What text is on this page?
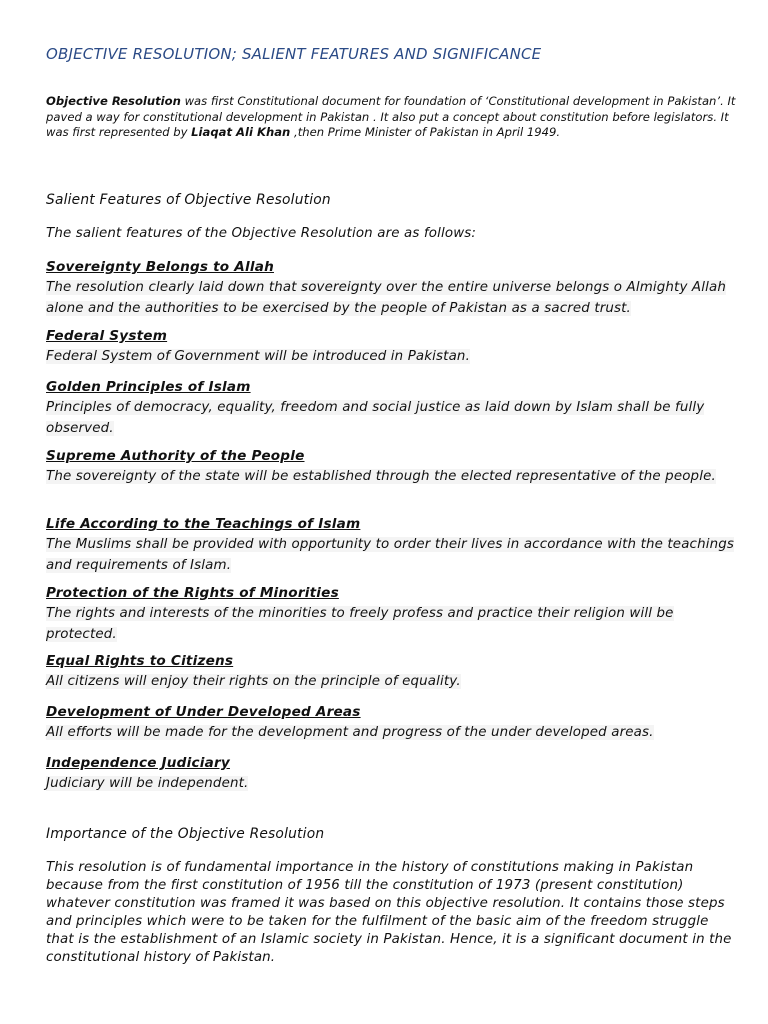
OBJECTIVE RESOLUTION; SALIENT FEATURES AND SIGNIFICANCE

Objective Resolution was first Constitutional document for foundation of ‘Constitutional development in Pakistan’. It paved a way for constitutional development in Pakistan . It also put a concept about constitution before legislators. It was first represented by Liaqat Ali Khan ,then Prime Minister of Pakistan in April 1949.

Salient Features of Objective Resolution

The salient features of the Objective Resolution are as follows:

Sovereignty Belongs to Allah

The resolution clearly laid down that sovereignty over the entire universe belongs o Almighty Allah alone and the authorities to be exercised by the people of Pakistan as a sacred trust.

Federal System

Federal System of Government will be introduced in Pakistan.

Golden Principles of Islam

Principles of democracy, equality, freedom and social justice as laid down by Islam shall be fully observed.

Supreme Authority of the People

The sovereignty of the state will be established through the elected representative of the people.

Life According to the Teachings of Islam

The Muslims shall be provided with opportunity to order their lives in accordance with the teachings and requirements of Islam.

Protection of the Rights of Minorities

The rights and interests of the minorities to freely profess and practice their religion will be protected.

Equal Rights to Citizens

All citizens will enjoy their rights on the principle of equality.

Development of Under Developed Areas

All efforts will be made for the development and progress of the under developed areas.

Independence Judiciary

Judiciary will be independent.

Importance of the Objective Resolution

This resolution is of fundamental importance in the history of constitutions making in Pakistan because from the first constitution of 1956 till the constitution of 1973 (present constitution) whatever constitution was framed it was based on this objective resolution. It contains those steps and principles which were to be taken for the fulfilment of the basic aim of the freedom struggle that is the establishment of an Islamic society in Pakistan. Hence, it is a significant document in the constitutional history of Pakistan.
